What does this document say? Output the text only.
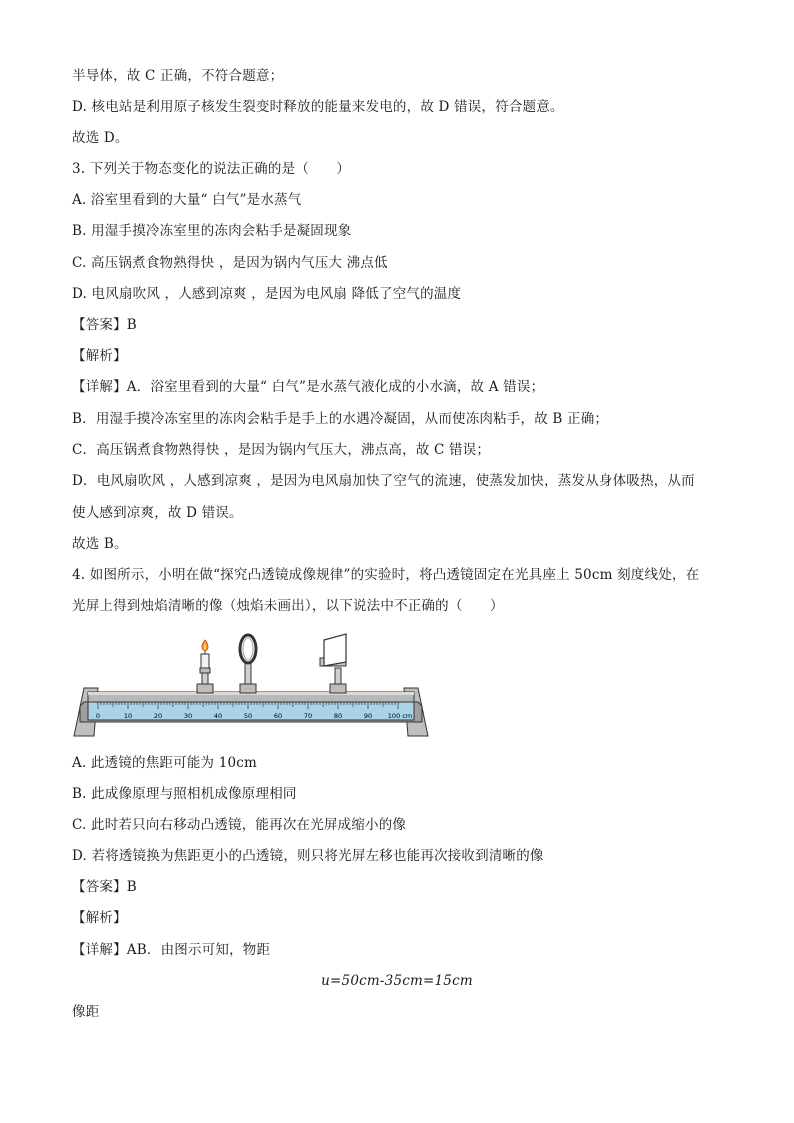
半导体，故 C 正确，不符合题意；
D. 核电站是利用原子核发生裂变时释放的能量来发电的，故 D 错误，符合题意。
故选 D。
3. 下列关于物态变化的说法正确的是（　　）
A. 浴室里看到的大量“ 白气”是水蒸气
B. 用湿手摸冷冻室里的冻肉会粘手是凝固现象
C. 高压锅煮食物熟得快 ，是因为锅内气压大 沸点低
D. 电风扇吹风 ，人感到凉爽 ，是因为电风扇 降低了空气的温度
【答案】B
【解析】
【详解】A．浴室里看到的大量“ 白气”是水蒸气液化成的小水滴，故 A 错误；
B．用湿手摸冷冻室里的冻肉会粘手是手上的水遇冷凝固，从而使冻肉粘手，故 B 正确；
C．高压锅煮食物熟得快 ，是因为锅内气压大，沸点高，故 C 错误；
D．电风扇吹风 ，人感到凉爽 ，是因为电风扇加快了空气的流速，使蒸发加快，蒸发从身体吸热，从而
使人感到凉爽，故 D 错误。
故选 B。
4. 如图所示，小明在做“探究凸透镜成像规律”的实验时，将凸透镜固定在光具座上 50cm 刻度线处，在
光屏上得到烛焰清晰的像（烛焰未画出），以下说法中不正确的（　　）
0	10	20	30	40	50	60	70	80	90 100 cm
A. 此透镜的焦距可能为 10cm
B. 此成像原理与照相机成像原理相同
C. 此时若只向右移动凸透镜，能再次在光屏成缩小的像
D. 若将透镜换为焦距更小的凸透镜，则只将光屏左移也能再次接收到清晰的像
【答案】B
【解析】
【详解】AB．由图示可知，物距
u=50cm-35cm=15cm
像距
